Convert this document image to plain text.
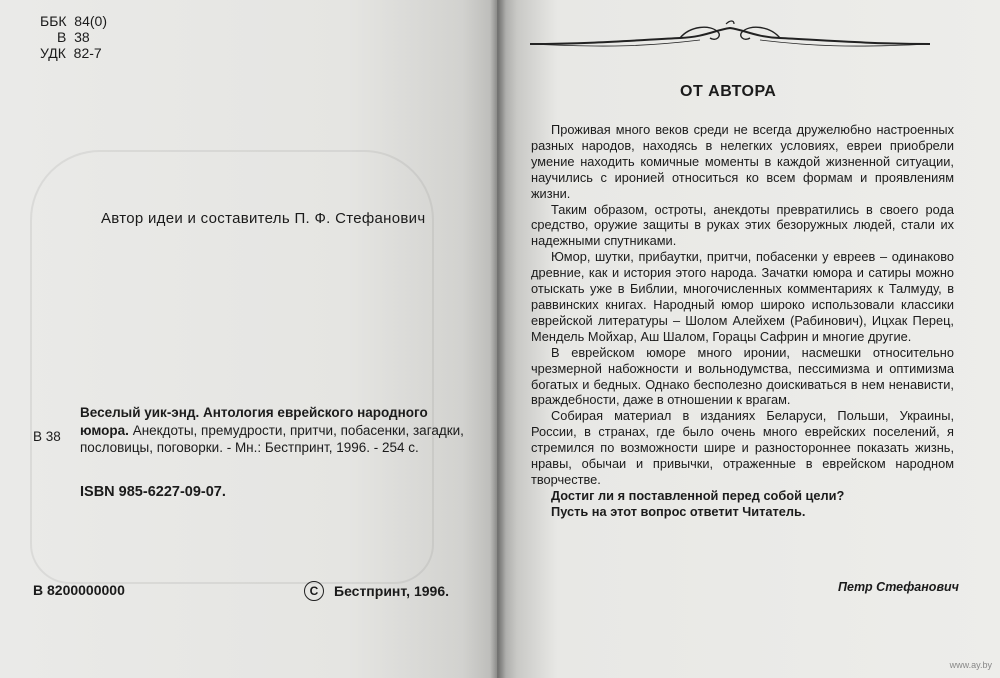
ББК  84(0)
В  38
УДК  82-7
Автор идеи и составитель П. Ф. Стефанович
В 38
Веселый уик-энд. Антология еврейского народного юмора. Анекдоты, премудрости, притчи, побасенки, загадки, пословицы, поговорки. - Мн.: Бестпринт, 1996. - 254 с.
ISBN 985-6227-09-07.
В 8200000000	C	Бестпринт, 1996.
ОТ АВТОРА

Проживая много веков среди не всегда дружелюбно настроенных разных народов, находясь в нелегких условиях, евреи приобрели умение находить комичные моменты в каждой жизненной ситуации, научились с иронией относиться ко всем формам и проявлениям жизни.

Таким образом, остроты, анекдоты превратились в своего рода средство, оружие защиты в руках этих безоружных людей, стали их надежными спутниками.

Юмор, шутки, прибаутки, притчи, побасенки у евреев – одинаково древние, как и история этого народа. Зачатки юмора и сатиры можно отыскать уже в Библии, многочисленных комментариях к Талмуду, в раввинских книгах. Народный юмор широко использовали классики еврейской литературы – Шолом Алейхем (Рабинович), Ицхак Перец, Мендель Мойхар, Аш Шалом, Горацы Сафрин и многие другие.

В еврейском юморе много иронии, насмешки относительно чрезмерной набожности и вольнодумства, пессимизма и оптимизма богатых и бедных. Однако бесполезно доискиваться в нем ненависти, враждебности, даже в отношении к врагам.

Собирая материал в изданиях Беларуси, Польши, Украины, России, в странах, где было очень много еврейских поселений, я стремился по возможности шире и разностороннее показать жизнь, нравы, обычаи и привычки, отраженные в еврейском народном творчестве.

Достиг ли я поставленной перед собой цели?

Пусть на этот вопрос ответит Читатель.

Петр Стефанович
www.ay.by
